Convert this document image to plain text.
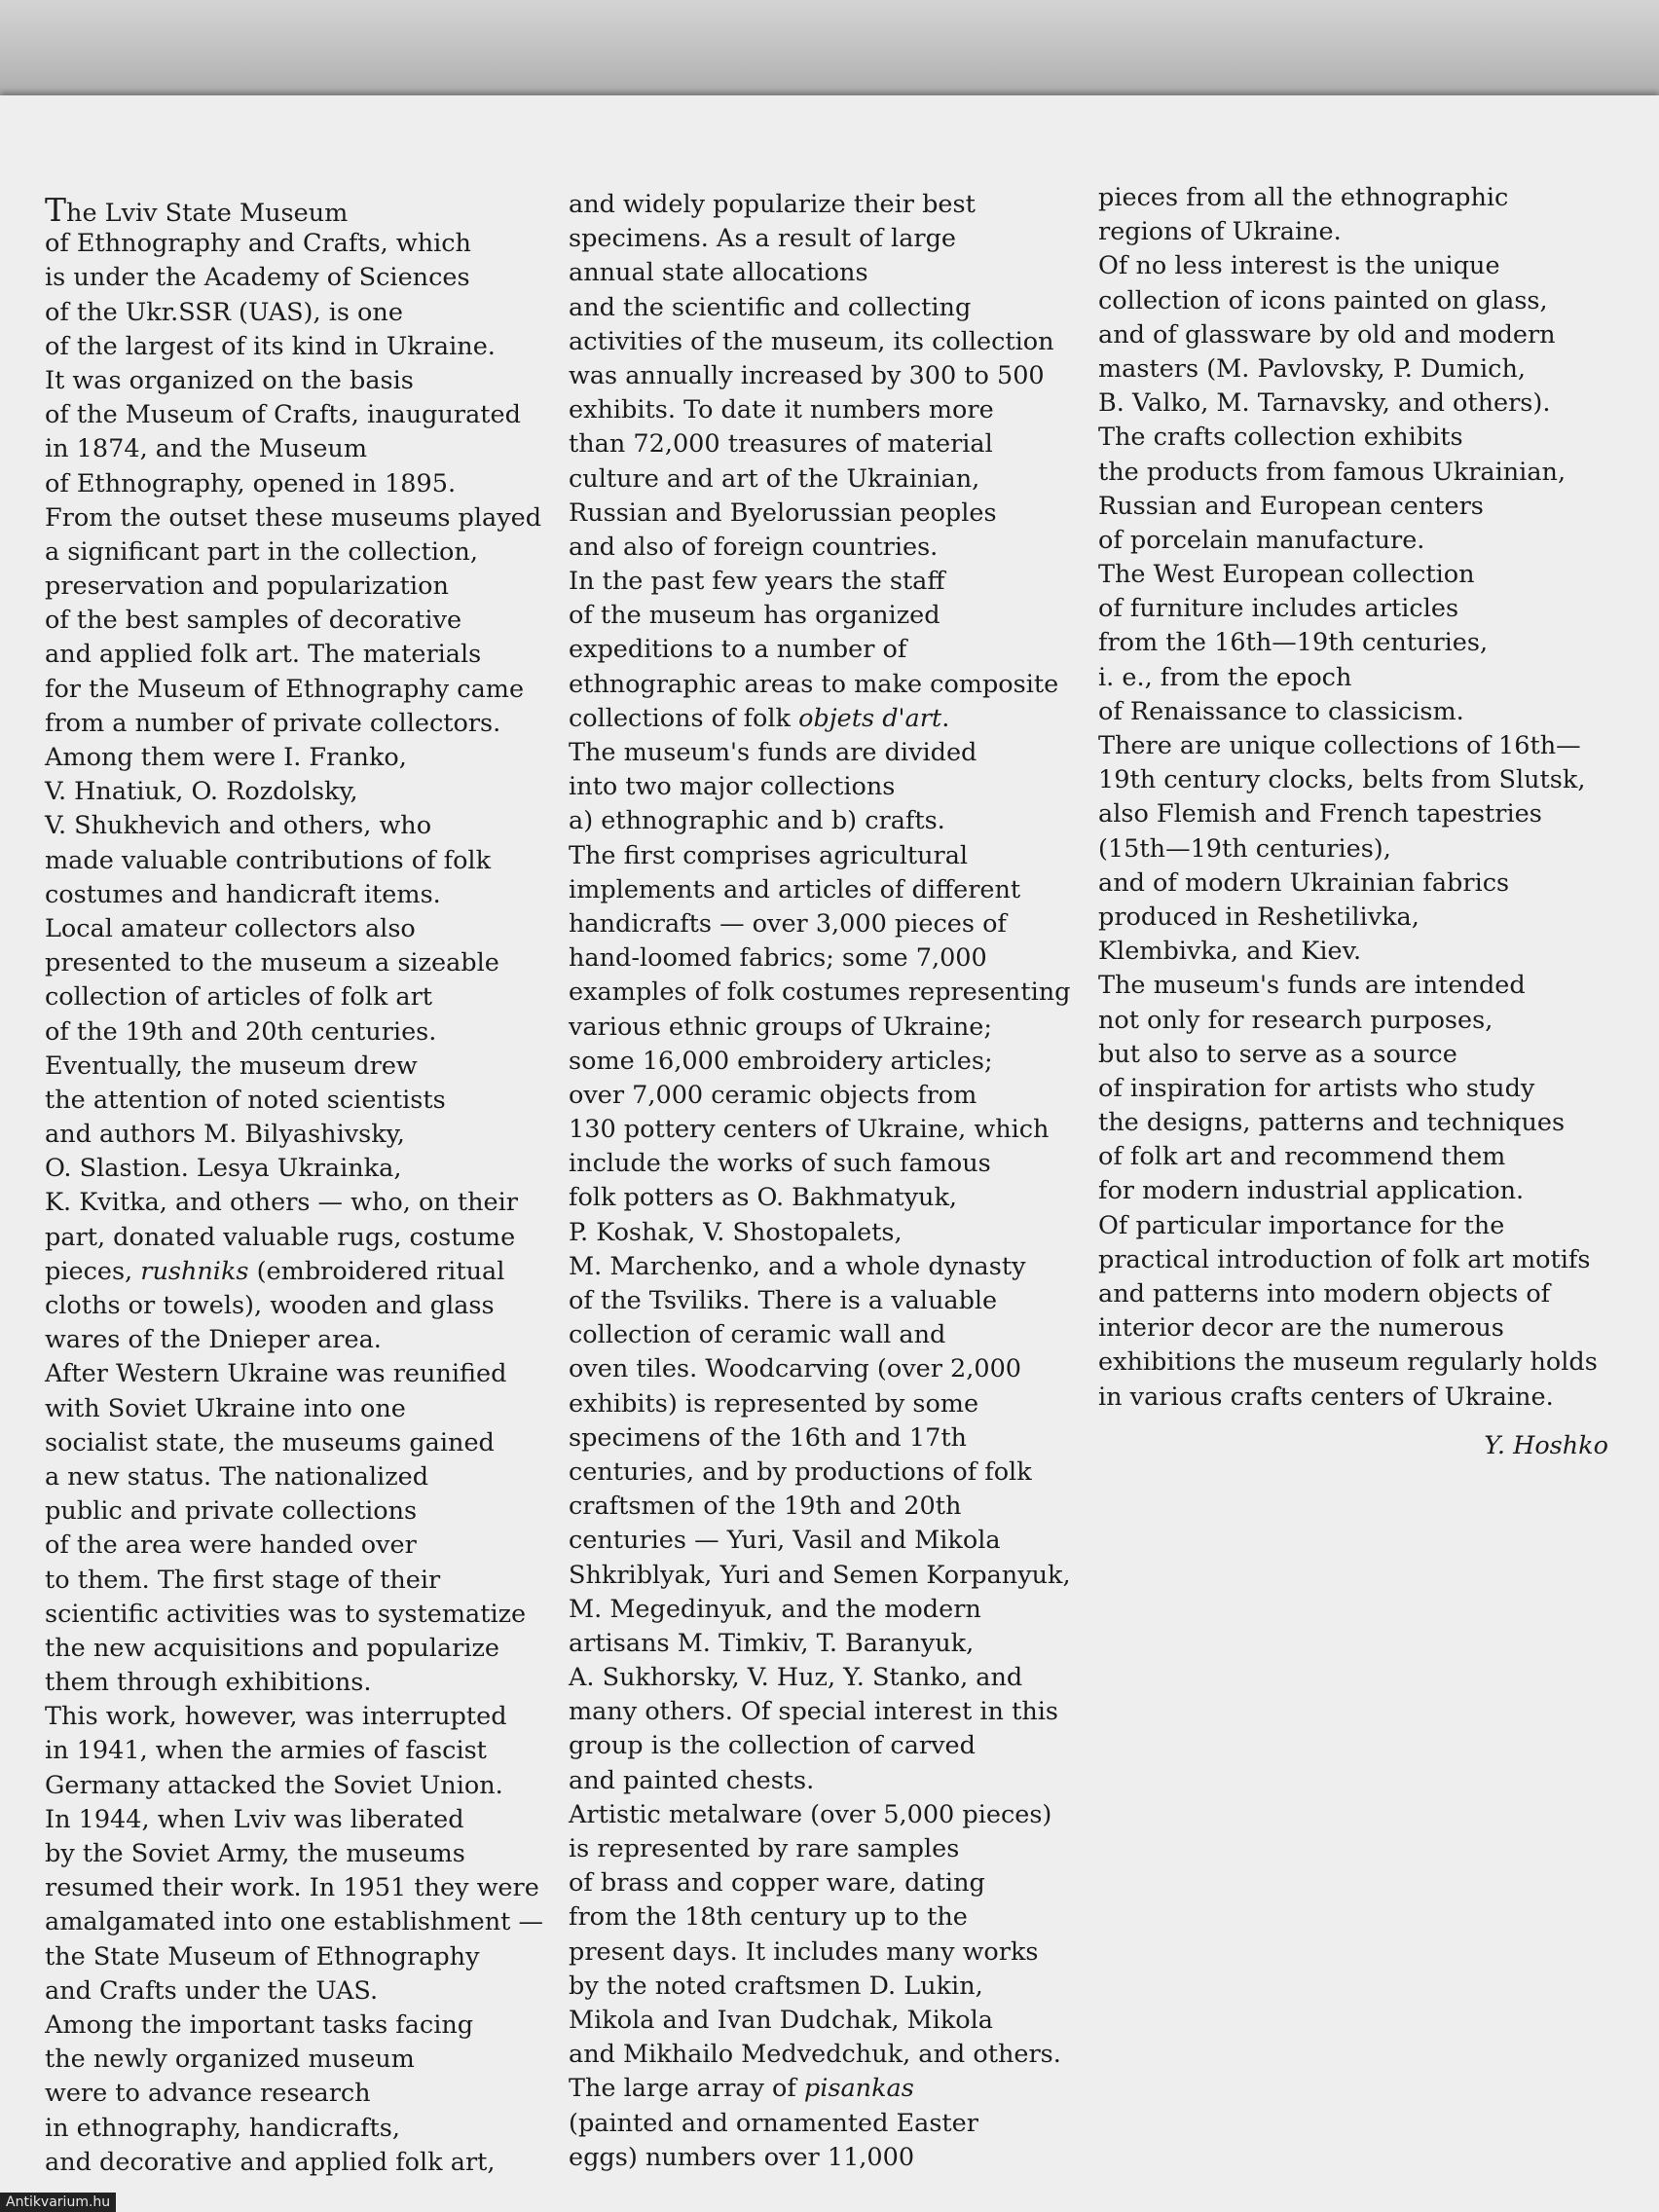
The Lviv State Museum
of Ethnography and Crafts, which
is under the Academy of Sciences
of the Ukr.SSR (UAS), is one
of the largest of its kind in Ukraine.
It was organized on the basis
of the Museum of Crafts, inaugurated
in 1874, and the Museum
of Ethnography, opened in 1895.
From the outset these museums played
a significant part in the collection,
preservation and popularization
of the best samples of decorative
and applied folk art. The materials
for the Museum of Ethnography came
from a number of private collectors.
Among them were I. Franko,
V. Hnatiuk, O. Rozdolsky,
V. Shukhevich and others, who
made valuable contributions of folk
costumes and handicraft items.
Local amateur collectors also
presented to the museum a sizeable
collection of articles of folk art
of the 19th and 20th centuries.
Eventually, the museum drew
the attention of noted scientists
and authors M. Bilyashivsky,
O. Slastion. Lesya Ukrainka,
K. Kvitka, and others — who, on their
part, donated valuable rugs, costume
pieces, rushniks (embroidered ritual
cloths or towels), wooden and glass
wares of the Dnieper area.
After Western Ukraine was reunified
with Soviet Ukraine into one
socialist state, the museums gained
a new status. The nationalized
public and private collections
of the area were handed over
to them. The first stage of their
scientific activities was to systematize
the new acquisitions and popularize
them through exhibitions.
This work, however, was interrupted
in 1941, when the armies of fascist
Germany attacked the Soviet Union.
In 1944, when Lviv was liberated
by the Soviet Army, the museums
resumed their work. In 1951 they were
amalgamated into one establishment —
the State Museum of Ethnography
and Crafts under the UAS.
Among the important tasks facing
the newly organized museum
were to advance research
in ethnography, handicrafts,
and decorative and applied folk art,
and widely popularize their best
specimens. As a result of large
annual state allocations
and the scientific and collecting
activities of the museum, its collection
was annually increased by 300 to 500
exhibits. To date it numbers more
than 72,000 treasures of material
culture and art of the Ukrainian,
Russian and Byelorussian peoples
and also of foreign countries.
In the past few years the staff
of the museum has organized
expeditions to a number of
ethnographic areas to make composite
collections of folk objets d'art.
The museum's funds are divided
into two major collections
a) ethnographic and b) crafts.
The first comprises agricultural
implements and articles of different
handicrafts — over 3,000 pieces of
hand-loomed fabrics; some 7,000
examples of folk costumes representing
various ethnic groups of Ukraine;
some 16,000 embroidery articles;
over 7,000 ceramic objects from
130 pottery centers of Ukraine, which
include the works of such famous
folk potters as O. Bakhmatyuk,
P. Koshak, V. Shostopalets,
M. Marchenko, and a whole dynasty
of the Tsviliks. There is a valuable
collection of ceramic wall and
oven tiles. Woodcarving (over 2,000
exhibits) is represented by some
specimens of the 16th and 17th
centuries, and by productions of folk
craftsmen of the 19th and 20th
centuries — Yuri, Vasil and Mikola
Shkriblyak, Yuri and Semen Korpanyuk,
M. Megedinyuk, and the modern
artisans M. Timkiv, T. Baranyuk,
A. Sukhorsky, V. Huz, Y. Stanko, and
many others. Of special interest in this
group is the collection of carved
and painted chests.
Artistic metalware (over 5,000 pieces)
is represented by rare samples
of brass and copper ware, dating
from the 18th century up to the
present days. It includes many works
by the noted craftsmen D. Lukin,
Mikola and Ivan Dudchak, Mikola
and Mikhailo Medvedchuk, and others.
The large array of pisankas
(painted and ornamented Easter
eggs) numbers over 11,000
pieces from all the ethnographic
regions of Ukraine.
Of no less interest is the unique
collection of icons painted on glass,
and of glassware by old and modern
masters (M. Pavlovsky, P. Dumich,
B. Valko, M. Tarnavsky, and others).
The crafts collection exhibits
the products from famous Ukrainian,
Russian and European centers
of porcelain manufacture.
The West European collection
of furniture includes articles
from the 16th—19th centuries,
i. e., from the epoch
of Renaissance to classicism.
There are unique collections of 16th—
19th century clocks, belts from Slutsk,
also Flemish and French tapestries
(15th—19th centuries),
and of modern Ukrainian fabrics
produced in Reshetilivka,
Klembivka, and Kiev.
The museum's funds are intended
not only for research purposes,
but also to serve as a source
of inspiration for artists who study
the designs, patterns and techniques
of folk art and recommend them
for modern industrial application.
Of particular importance for the
practical introduction of folk art motifs
and patterns into modern objects of
interior decor are the numerous
exhibitions the museum regularly holds
in various crafts centers of Ukraine.
Y. Hoshko
Antikvarium.hu
